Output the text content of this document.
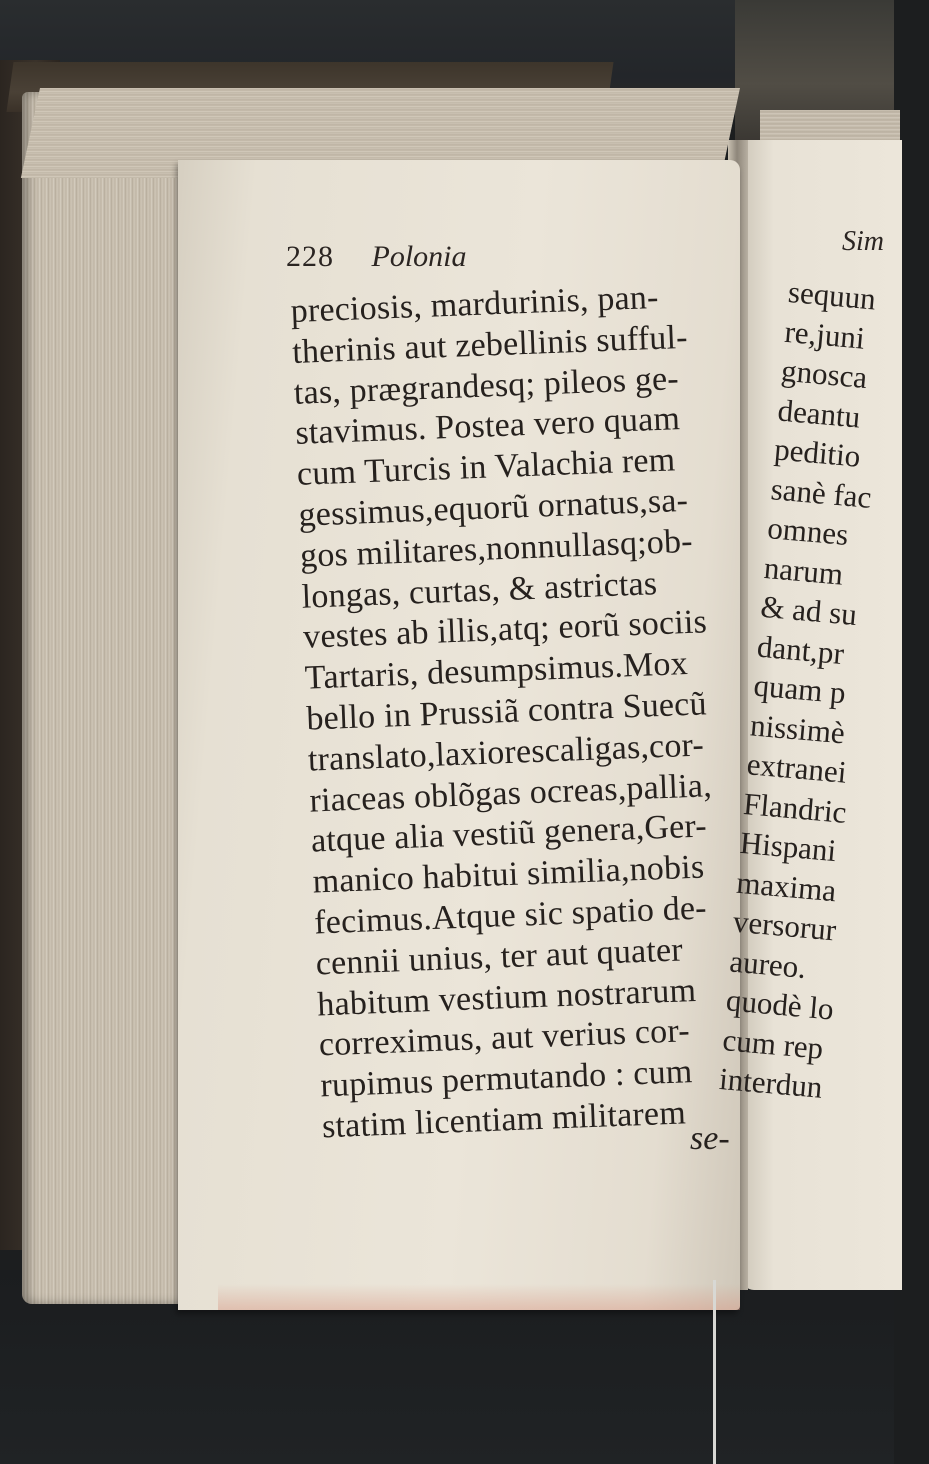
228 Polonia
preciosis, mardurinis, pan-
therinis aut zebellinis sufful-
tas, prægrandesq; pileos ge-
stavimus. Postea vero quam
cum Turcis in Valachia rem
gessimus,equorũ ornatus,sa-
gos militares,nonnullasq;ob-
longas, curtas, & astrictas
vestes ab illis,atq; eorũ sociis
Tartaris, desumpsimus.Mox
bello in Prussiã contra Suecũ
translato,laxiorescaligas,cor-
riaceas oblõgas ocreas,pallia,
atque alia vestiũ genera,Ger-
manico habitui similia,nobis
fecimus.Atque sic spatio de-
cennii unius, ter aut quater
habitum vestium nostrarum
correximus, aut verius cor-
rupimus permutando : cum
statim licentiam militarem se-
Sim
sequun
re,juni
gnosca
deantu
peditio
sanè fac
omnes
narum
& ad su
dant,pr
quam p
nissimè
extranei
Flandric
Hispani
maxima
versorur
aureo.
quodè lo
cum rep
interdun
